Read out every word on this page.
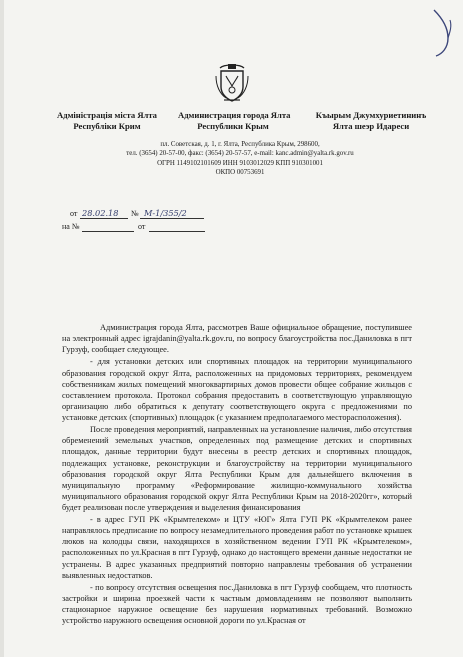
Адміністрація міста Ялта
Республіки Крим
Администрация города Ялта
Республики Крым
Къырым Джумхуриетининъ
Ялта шеэр Идареси
пл. Советская, д. 1, г. Ялта, Республика Крым, 298600,
тел. (3654) 20-57-00, факс: (3654) 20-57-57, e-mail: kanc.admin@yalta.rk.gov.ru
ОГРН 1149102101609 ИНН 9103012029 КПП 910301001
ОКПО 00753691
от 28.02.18 № М-1/355/2
на №	от

Администрация города Ялта, рассмотрев Ваше официальное обращение, поступившее на электронный адрес igrajdanin@yalta.rk.gov.ru, по вопросу благоустройства пос.Даниловка в пгт Гурзуф, сообщает следующее.

- для установки детских или спортивных площадок на территории муниципального образования городской округ Ялта, расположенных на придомовых территориях, рекомендуем собственникам жилых помещений многоквартирных домов провести общее собрание жильцов с составлением протокола. Протокол собрания предоставить в соответствующую управляющую организацию либо обратиться к депутату соответствующего округа с предложениями по установке детских (спортивных) площадок (с указанием предполагаемого месторасположения).

После проведения мероприятий, направленных на установление наличия, либо отсутствия обременений земельных участков, определенных под размещение детских и спортивных площадок, данные территории будут внесены в реестр детских и спортивных площадок, подлежащих установке, реконструкции и благоустройству на территории муниципального образования городской округ Ялта Республики Крым для дальнейшего включения в муниципальную программу «Реформирование жилищно-коммунального хозяйства муниципального образования городской округ Ялта Республики Крым на 2018-2020гг», который будет реализован после утверждения и выделения финансирования

- в адрес ГУП РК «Крымтелеком» и ЦТУ «ЮГ» Ялта ГУП РК «Крымтелеком ранее направлялось предписание по вопросу незамедлительного проведения работ по установке крышек люков на колодцы связи, находящихся в хозяйственном ведении ГУП РК «Крымтелеком», расположенных по ул.Красная в пгт Гурзуф, однако до настоящего времени данные недостатки не устранены. В адрес указанных предприятий повторно направлены требования об устранении выявленных недостатков.

- по вопросу отсутствия освещения пос.Даниловка в пгт Гурзуф сообщаем, что плотность застройки и ширина проезжей части к частным домовладениям не позволяют выполнить стационарное наружное освещение без нарушения нормативных требований. Возможно устройство наружного освещения основной дороги по ул.Красная от
